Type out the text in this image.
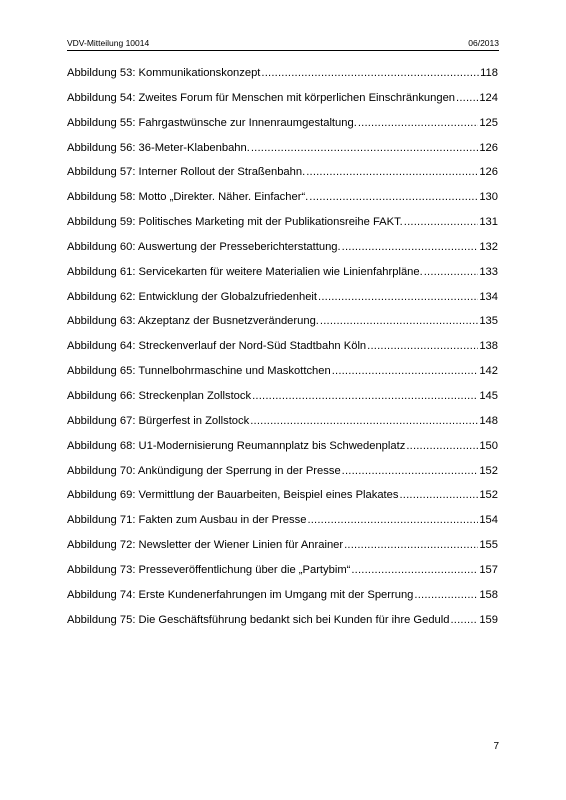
VDV-Mitteilung 10014	06/2013
Abbildung 53: Kommunikationskonzept .....	118
Abbildung 54: Zweites Forum für Menschen mit körperlichen Einschränkungen ..... 124
Abbildung 55: Fahrgastwünsche zur Innenraumgestaltung. .....	125
Abbildung 56: 36-Meter-Klabenbahn. .....	126
Abbildung 57: Interner Rollout der Straßenbahn. .....	126
Abbildung 58: Motto „Direkter. Näher. Einfacher“. .....	130
Abbildung 59: Politisches Marketing mit der Publikationsreihe FAKT. .....	131
Abbildung 60: Auswertung der Presseberichterstattung. .....	132
Abbildung 61: Servicekarten für weitere Materialien wie Linienfahrpläne. .....	133
Abbildung 62: Entwicklung der Globalzufriedenheit .....	134
Abbildung 63: Akzeptanz der Busnetzveränderung. .....	135
Abbildung 64: Streckenverlauf der Nord-Süd Stadtbahn Köln .....	138
Abbildung 65: Tunnelbohrmaschine und Maskottchen .....	142
Abbildung 66: Streckenplan Zollstock .....	145
Abbildung 67: Bürgerfest in Zollstock .....	148
Abbildung 68: U1-Modernisierung Reumannplatz bis Schwedenplatz .....	150
Abbildung 70: Ankündigung der Sperrung in der Presse .....	152
Abbildung 69: Vermittlung der Bauarbeiten, Beispiel eines Plakates .....	152
Abbildung 71: Fakten zum Ausbau in der Presse .....	154
Abbildung 72: Newsletter der Wiener Linien für Anrainer .....	155
Abbildung 73: Presseveröffentlichung über die „Partybim“ .....	157
Abbildung 74: Erste Kundenerfahrungen im Umgang mit der Sperrung .....	158
Abbildung 75: Die Geschäftsführung bedankt sich bei Kunden für ihre Geduld .....	159
7
